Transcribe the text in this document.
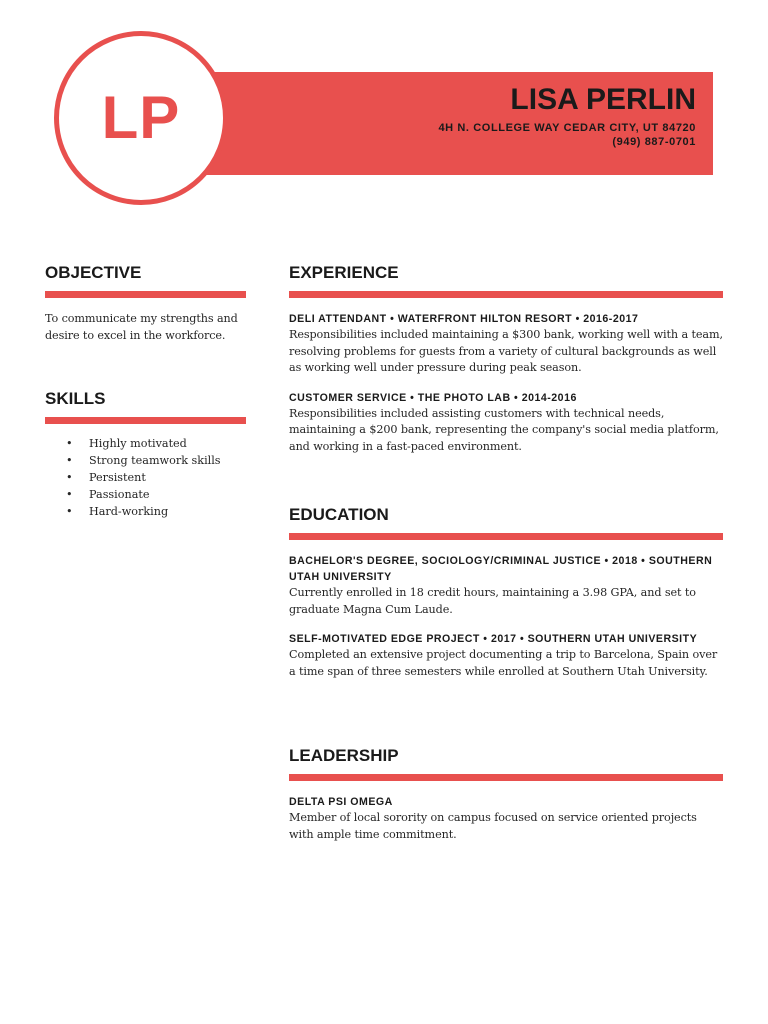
LP	LISA PERLIN
4H N. COLLEGE WAY CEDAR CITY, UT 84720
(949) 887-0701
OBJECTIVE

To communicate my strengths and desire to excel in the workforce.

SKILLS
• Highly motivated
• Strong teamwork skills
• Persistent
• Passionate
• Hard-working
EXPERIENCE

DELI ATTENDANT • WATERFRONT HILTON RESORT • 2016-2017

Responsibilities included maintaining a $300 bank, working well with a team, resolving problems for guests from a variety of cultural backgrounds as well as working well under pressure during peak season.

CUSTOMER SERVICE • THE PHOTO LAB • 2014-2016

Responsibilities included assisting customers with technical needs, maintaining a $200 bank, representing the company's social media platform, and working in a fast-paced environment.

EDUCATION

BACHELOR'S DEGREE, SOCIOLOGY/CRIMINAL JUSTICE • 2018 • SOUTHERN UTAH UNIVERSITY

Currently enrolled in 18 credit hours, maintaining a 3.98 GPA, and set to graduate Magna Cum Laude.

SELF-MOTIVATED EDGE PROJECT • 2017 • SOUTHERN UTAH UNIVERSITY

Completed an extensive project documenting a trip to Barcelona, Spain over a time span of three semesters while enrolled at Southern Utah University.

LEADERSHIP

DELTA PSI OMEGA

Member of local sorority on campus focused on service oriented projects with ample time commitment.
